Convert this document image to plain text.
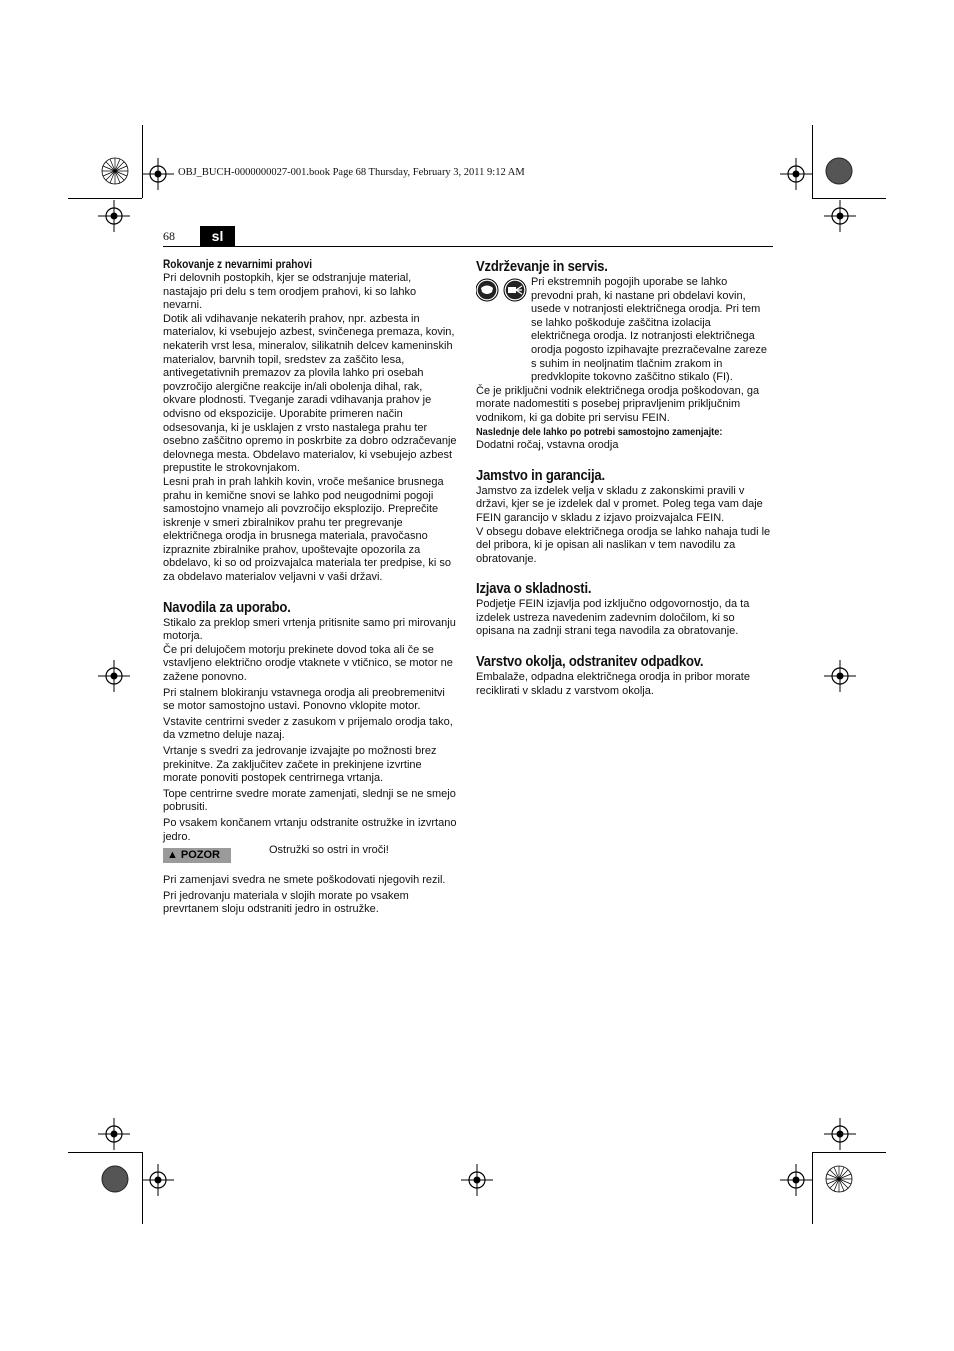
OBJ_BUCH-0000000027-001.book Page 68 Thursday, February 3, 2011 9:12 AM
68	sl
Rokovanje z nevarnimi prahovi

Pri delovnih postopkih, kjer se odstranjuje material, nastajajo pri delu s tem orodjem prahovi, ki so lahko nevarni.

Dotik ali vdihavanje nekaterih prahov, npr. azbesta in materialov, ki vsebujejo azbest, svinčenega premaza, kovin, nekaterih vrst lesa, mineralov, silikatnih delcev kameninskih materialov, barvnih topil, sredstev za zaščito lesa, antivegetativnih premazov za plovila lahko pri osebah povzročijo alergične reakcije in/ali obolenja dihal, rak, okvare plodnosti. Tveganje zaradi vdihavanja prahov je odvisno od ekspozicije. Uporabite primeren način odsesovanja, ki je usklajen z vrsto nastalega prahu ter osebno zaščitno opremo in poskrbite za dobro odzračevanje delovnega mesta. Obdelavo materialov, ki vsebujejo azbest prepustite le strokovnjakom.

Lesni prah in prah lahkih kovin, vroče mešanice brusnega prahu in kemične snovi se lahko pod neugodnimi pogoji samostojno vnamejo ali povzročijo eksplozijo. Preprečite iskrenje v smeri zbiralnikov prahu ter pregrevanje električnega orodja in brusnega materiala, pravočasno izpraznite zbiralnike prahov, upoštevajte opozorila za obdelavo, ki so od proizvajalca materiala ter predpise, ki so za obdelavo materialov veljavni v vaši državi.

Navodila za uporabo.

Stikalo za preklop smeri vrtenja pritisnite samo pri mirovanju motorja.

Če pri delujočem motorju prekinete dovod toka ali če se vstavljeno električno orodje vtaknete v vtičnico, se motor ne zažene ponovno.

Pri stalnem blokiranju vstavnega orodja ali preobremenitvi se motor samostojno ustavi. Ponovno vklopite motor.

Vstavite centrirni sveder z zasukom v prijemalo orodja tako, da vzmetno deluje nazaj.

Vrtanje s svedri za jedrovanje izvajajte po možnosti brez prekinitve. Za zaključitev začete in prekinjene izvrtine morate ponoviti postopek centrirnega vrtanja.

Tope centrirne svedre morate zamenjati, slednji se ne smejo pobrusiti.

Po vsakem končanem vrtanju odstranite ostružke in izvrtano jedro.

▲ POZOR	Ostružki so ostri in vroči!

Pri zamenjavi svedra ne smete poškodovati njegovih rezil.

Pri jedrovanju materiala v slojih morate po vsakem prevrtanem sloju odstraniti jedro in ostružke.

Vzdrževanje in servis.

Pri ekstremnih pogojih uporabe se lahko prevodni prah, ki nastane pri obdelavi kovin, usede v notranjosti električnega orodja. Pri tem se lahko poškoduje zaščitna izolacija električnega orodja. Iz notranjosti električnega orodja pogosto izpihavajte prezračevalne zareze s suhim in neoljnatim tlačnim zrakom in predvklopite tokovno zaščitno stikalo (FI).

Če je priključni vodnik električnega orodja poškodovan, ga morate nadomestiti s posebej pripravljenim priključnim vodnikom, ki ga dobite pri servisu FEIN.

Naslednje dele lahko po potrebi samostojno zamenjajte:

Dodatni ročaj, vstavna orodja

Jamstvo in garancija.

Jamstvo za izdelek velja v skladu z zakonskimi pravili v državi, kjer se je izdelek dal v promet. Poleg tega vam daje FEIN garancijo v skladu z izjavo proizvajalca FEIN.

V obsegu dobave električnega orodja se lahko nahaja tudi le del pribora, ki je opisan ali naslikan v tem navodilu za obratovanje.

Izjava o skladnosti.

Podjetje FEIN izjavlja pod izključno odgovornostjo, da ta izdelek ustreza navedenim zadevnim določilom, ki so opisana na zadnji strani tega navodila za obratovanje.

Varstvo okolja, odstranitev odpadkov.

Embalaže, odpadna električnega orodja in pribor morate reciklirati v skladu z varstvom okolja.
